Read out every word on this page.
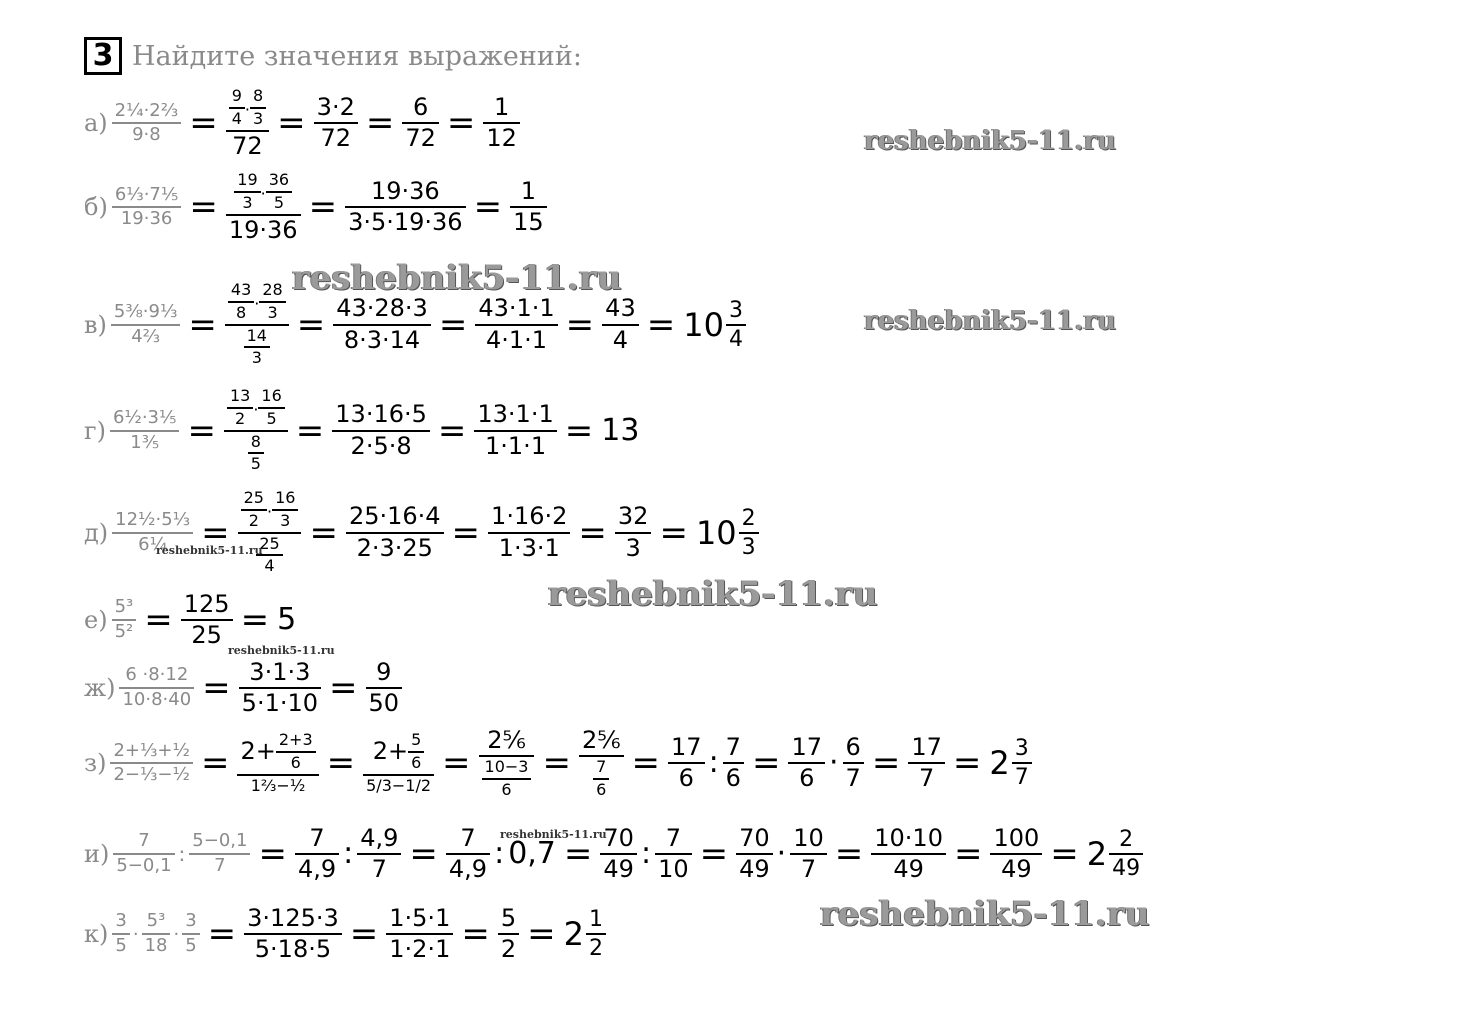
3 Найдите значения выражений:
$а) \frac{\text{2¼·2⅔}}{9\cdot 8} = \frac{\frac{9}{4} \cdot \frac{8}{3}}{72} = \frac{3\cdot 2}{72} = \frac{6}{72} = \frac{1}{12}$
$б) \frac{\text{6⅓·7⅕}}{19\cdot 36} = \frac{\frac{19}{3} \cdot \frac{36}{5}}{19\cdot 36} = \frac{19\cdot 36}{3\cdot 5\cdot 19\cdot 36} = \frac{1}{15}$
$в) \frac{\text{5⅜·9⅓}}{\text{4⅔}} = \frac{\frac{43}{8} \cdot \frac{28}{3}}{\frac{14}{3}} = \frac{43\cdot 28\cdot 3}{8\cdot 3\cdot 14} = \frac{43\cdot 1\cdot 1}{4\cdot 1\cdot 1} = \frac{43}{4} = 10 \frac{3}{4}$
$г) \frac{\text{6½·3⅕}}{\text{1⅗}} = \frac{\frac{13}{2} \cdot \frac{16}{5}}{\frac{8}{5}} = \frac{13\cdot 16\cdot 5}{2\cdot 5\cdot 8} = \frac{13\cdot 1\cdot 1}{1\cdot 1\cdot 1} = 13$
$д) \frac{\text{12½·5⅓}}{\text{6¼}} = \frac{\frac{25}{2} \cdot \frac{16}{3}}{\frac{25}{4}} = \frac{25\cdot 16\cdot 4}{2\cdot 3\cdot 25} = \frac{1\cdot 16\cdot 2}{1\cdot 3\cdot 1} = \frac{32}{3} = 10 \frac{2}{3}$
$е) \frac{\text{5³}}{\text{5²}} = \frac{125}{25} = 5$
$ж) \frac{6 \cdot 8\cdot 12}{10\cdot 8\cdot 40} = \frac{3\cdot 1\cdot 3}{5\cdot 1\cdot 10} = \frac{9}{50}$
$з) \frac{\text{2+⅓+½}}{\text{2−⅓−½}} = \frac{2+ \frac{2+3}{6}}{\text{1⅔−½}} = \frac{2+ \frac{5}{6}}{5/3-1/2} = \frac{\text{2⅚}}{\frac{10-3}{6}} = \frac{\text{2⅚}}{\frac{7}{6}} = \frac{17}{6}$ : $\frac{7}{6} = \frac{17}{6} \cdot \frac{6}{7} = \frac{17}{7} = 2 \frac{3}{7}$
$и) \frac{7}{5-0,1}$ : $\frac{5-0,1}{7} = \frac{7}{4,9}$ : $\frac{4,9}{7} = \frac{7}{4,9}$ : $0,7 = \frac{70}{49}$ : $\frac{7}{10} = \frac{70}{49} \cdot \frac{10}{7} = \frac{10\cdot 10}{49} = \frac{100}{49} = 2 \frac{2}{49}$
$к) \frac{3}{5} \cdot \frac{\text{5³}}{18} \cdot \frac{3}{5} = \frac{3\cdot 125\cdot 3}{5\cdot 18\cdot 5} = \frac{1\cdot 5\cdot 1}{1\cdot 2\cdot 1} = \frac{5}{2} = 2 \frac{1}{2}$
reshebnik5-11.ru
reshebnik5-11.ru
reshebnik5-11.ru
reshebnik5-11.ru
reshebnik5-11.ru
reshebnik5-11.ru
reshebnik5-11.ru
reshebnik5-11.ru
